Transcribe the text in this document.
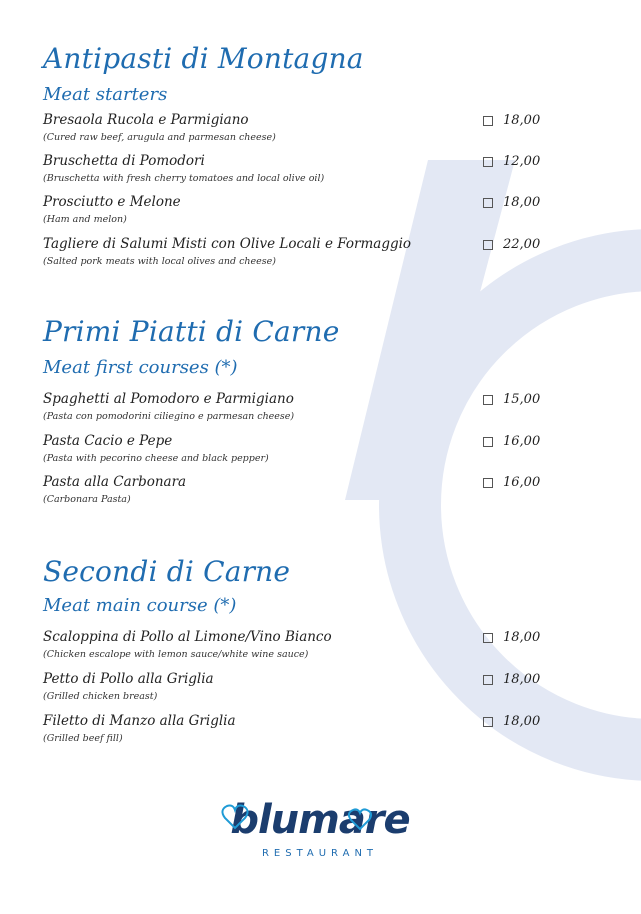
Antipasti di Montagna
Meat starters
Bresaola Rucola e Parmigiano
(Cured raw beef, arugula and parmesan cheese)
18,00
Bruschetta di Pomodori
(Bruschetta with fresh cherry tomatoes and local olive oil)
12,00
Prosciutto e Melone
(Ham and melon)
18,00
Tagliere di Salumi Misti con Olive Locali e Formaggio
(Salted pork meats with local olives and cheese)
22,00
Primi Piatti di Carne
Meat first courses (*)
Spaghetti al Pomodoro e Parmigiano
(Pasta con pomodorini ciliegino e parmesan cheese)
15,00
Pasta Cacio e Pepe
(Pasta with pecorino cheese and black pepper)
16,00
Pasta alla Carbonara
(Carbonara Pasta)
16,00
Secondi di Carne
Meat main course (*)
Scaloppina di Pollo al Limone/Vino Bianco
(Chicken escalope with lemon sauce/white wine sauce)
18,00
Petto di Pollo alla Griglia
(Grilled chicken breast)
18,00
Filetto di Manzo alla Griglia
(Grilled beef fill)
18,00
blumare
RESTAURANT
